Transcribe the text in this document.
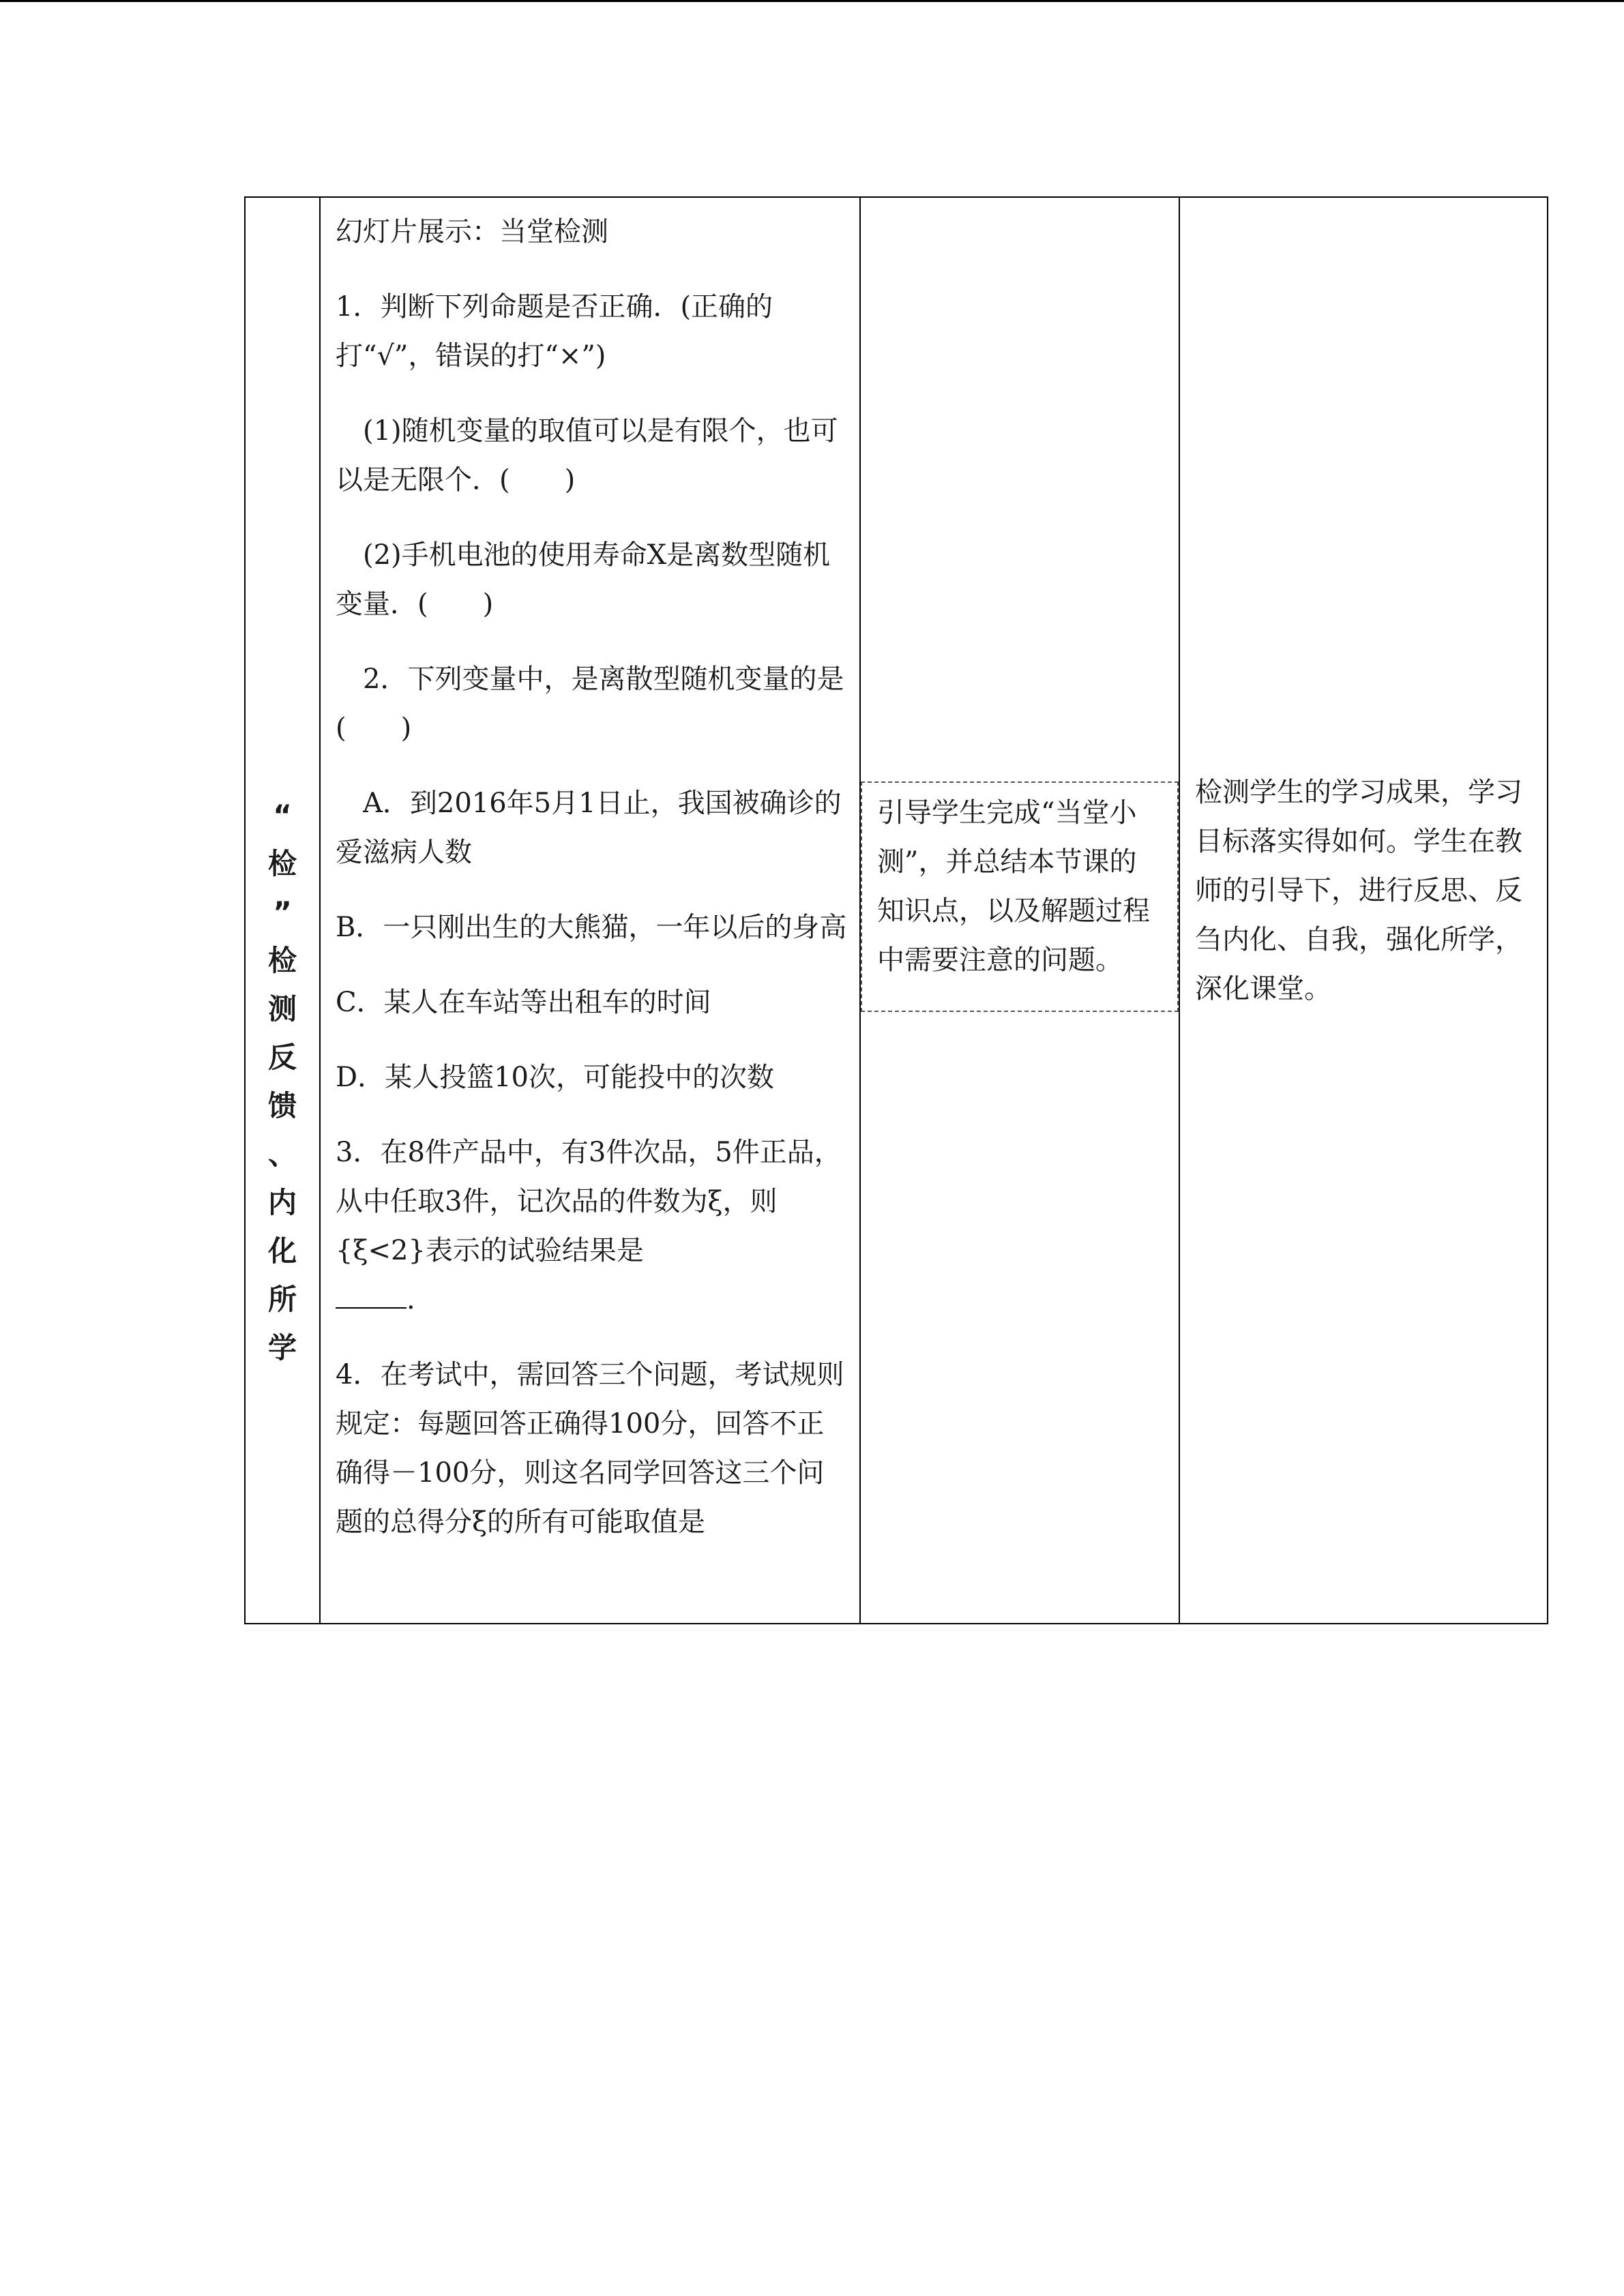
“
检
”
检
测
反
馈
、
内
化
所
学

幻灯片展示：当堂检测

1．判断下列命题是否正确．(正确的打“√”，错误的打“×”)

(1)随机变量的取值可以是有限个，也可以是无限个．(　　)

(2)手机电池的使用寿命X是离数型随机变量．(　　)

2．下列变量中，是离散型随机变量的是(　　)

A．到2016年5月1日止，我国被确诊的爱滋病人数

B．一只刚出生的大熊猫，一年以后的身高

C．某人在车站等出租车的时间

D．某人投篮10次，可能投中的次数

3．在8件产品中，有3件次品，5件正品，从中任取3件，记次品的件数为ξ，则{ξ<2}表示的试验结果是
.

4．在考试中，需回答三个问题，考试规则规定：每题回答正确得100分，回答不正确得－100分，则这名同学回答这三个问题的总得分ξ的所有可能取值是

引导学生完成“当堂小测”，并总结本节课的知识点，以及解题过程中需要注意的问题。
检测学生的学习成果，学习目标落实得如何。学生在教师的引导下，进行反思、反刍内化、自我，强化所学，深化课堂。
